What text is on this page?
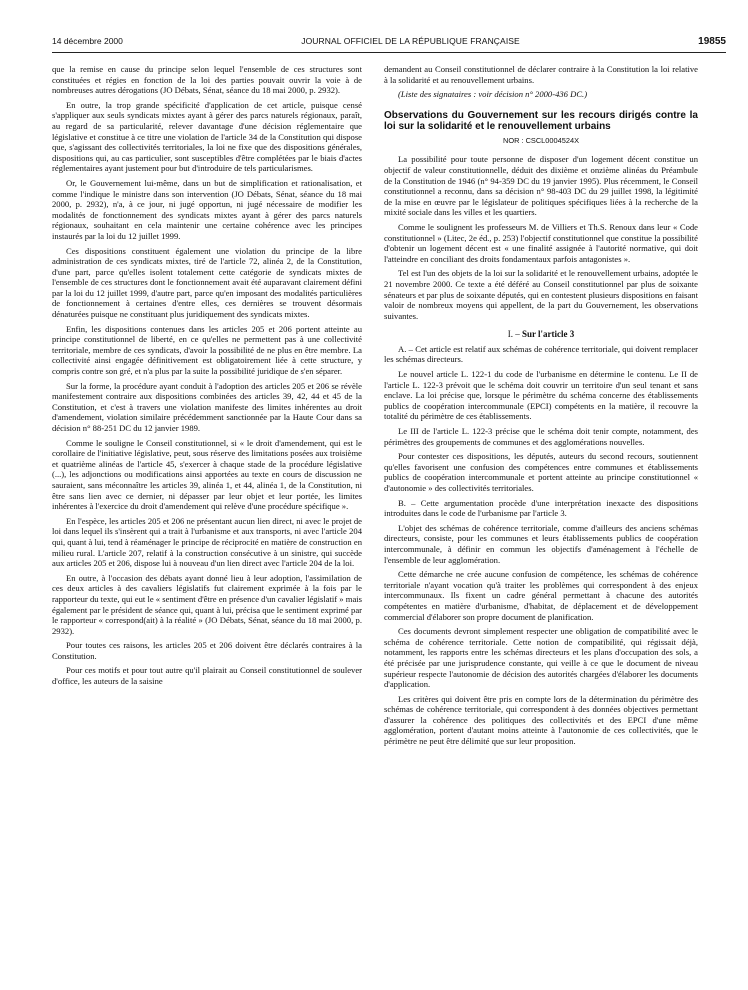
14 décembre 2000	JOURNAL OFFICIEL DE LA RÉPUBLIQUE FRANÇAISE	19855

que la remise en cause du principe selon lequel l'ensemble de ces structures sont constituées et régies en fonction de la loi des parties pouvait ouvrir la voie à de nombreuses autres dérogations (JO Débats, Sénat, séance du 18 mai 2000, p. 2932).

En outre, la trop grande spécificité d'application de cet article, puisque censé s'appliquer aux seuls syndicats mixtes ayant à gérer des parcs naturels régionaux, paraît, au regard de sa particularité, relever davantage d'une décision réglementaire que législative et constitue à ce titre une violation de l'article 34 de la Constitution qui dispose que, s'agissant des collectivités territoriales, la loi ne fixe que des dispositions générales, dispositions qui, au cas particulier, sont susceptibles d'être complétées par le biais d'actes réglementaires ayant justement pour but d'introduire de tels particularismes.

Or, le Gouvernement lui-même, dans un but de simplification et rationalisation, et comme l'indique le ministre dans son intervention (JO Débats, Sénat, séance du 18 mai 2000, p. 2932), n'a, à ce jour, ni jugé opportun, ni jugé nécessaire de modifier les modalités de fonctionnement des syndicats mixtes ayant à gérer des parcs naturels régionaux, souhaitant en cela maintenir une certaine cohérence avec les principes instaurés par la loi du 12 juillet 1999.

Ces dispositions constituent également une violation du principe de la libre administration de ces syndicats mixtes, tiré de l'article 72, alinéa 2, de la Constitution, d'une part, parce qu'elles isolent totalement cette catégorie de syndicats mixtes de l'ensemble de ces structures dont le fonctionnement avait été auparavant clairement défini par la loi du 12 juillet 1999, d'autre part, parce qu'en imposant des modalités particulières de fonctionnement à certaines d'entre elles, ces dernières se trouvent désormais dénaturées puisque ne constituant plus juridiquement des syndicats mixtes.

Enfin, les dispositions contenues dans les articles 205 et 206 portent atteinte au principe constitutionnel de liberté, en ce qu'elles ne permettent pas à une collectivité territoriale, membre de ces syndicats, d'avoir la possibilité de ne plus en être membre. La collectivité ainsi engagée définitivement est obligatoirement liée à cette structure, y compris contre son gré, et n'a plus par la suite la possibilité juridique de s'en séparer.

Sur la forme, la procédure ayant conduit à l'adoption des articles 205 et 206 se révèle manifestement contraire aux dispositions combinées des articles 39, 42, 44 et 45 de la Constitution, et c'est à travers une violation manifeste des limites inhérentes au droit d'amendement, violation similaire précédemment sanctionnée par la Haute Cour dans sa décision n° 88-251 DC du 12 janvier 1989.

Comme le souligne le Conseil constitutionnel, si « le droit d'amendement, qui est le corollaire de l'initiative législative, peut, sous réserve des limitations posées aux troisième et quatrième alinéas de l'article 45, s'exercer à chaque stade de la procédure législative (...), les adjonctions ou modifications ainsi apportées au texte en cours de discussion ne sauraient, sans méconnaître les articles 39, alinéa 1, et 44, alinéa 1, de la Constitution, ni être sans lien avec ce dernier, ni dépasser par leur objet et leur portée, les limites inhérentes à l'exercice du droit d'amendement qui relève d'une procédure spécifique ».

En l'espèce, les articles 205 et 206 ne présentant aucun lien direct, ni avec le projet de loi dans lequel ils s'insèrent qui a trait à l'urbanisme et aux transports, ni avec l'article 204 qui, quant à lui, tend à réaménager le principe de réciprocité en matière de construction en milieu rural. L'article 207, relatif à la construction consécutive à un sinistre, qui succède aux articles 205 et 206, dispose lui à nouveau d'un lien direct avec l'article 204 de la loi.

En outre, à l'occasion des débats ayant donné lieu à leur adoption, l'assimilation de ces deux articles à des cavaliers législatifs fut clairement exprimée à la fois par le rapporteur du texte, qui eut le « sentiment d'être en présence d'un cavalier législatif » mais également par le président de séance qui, quant à lui, précisa que le sentiment exprimé par le rapporteur « correspond(ait) à la réalité » (JO Débats, Sénat, séance du 18 mai 2000, p. 2932).

Pour toutes ces raisons, les articles 205 et 206 doivent être déclarés contraires à la Constitution.

Pour ces motifs et pour tout autre qu'il plairait au Conseil constitutionnel de soulever d'office, les auteurs de la saisine

demandent au Conseil constitutionnel de déclarer contraire à la Constitution la loi relative à la solidarité et au renouvellement urbains.

(Liste des signataires : voir décision n° 2000-436 DC.)

Observations du Gouvernement sur les recours dirigés contre la loi sur la solidarité et le renouvellement urbains
NOR : CSCL0004524X

La possibilité pour toute personne de disposer d'un logement décent constitue un objectif de valeur constitutionnelle, déduit des dixième et onzième alinéas du Préambule de la Constitution de 1946 (n° 94-359 DC du 19 janvier 1995). Plus récemment, le Conseil constitutionnel a reconnu, dans sa décision n° 98-403 DC du 29 juillet 1998, la légitimité de la mise en œuvre par le législateur de politiques spécifiques liées à la recherche de la mixité sociale dans les villes et les quartiers.

Comme le soulignent les professeurs M. de Villiers et Th.S. Renoux dans leur « Code constitutionnel » (Litec, 2e éd., p. 253) l'objectif constitutionnel que constitue la possibilité d'obtenir un logement décent est « une finalité assignée à l'autorité normative, qui doit l'atteindre en conciliant des droits fondamentaux parfois antagonistes ».

Tel est l'un des objets de la loi sur la solidarité et le renouvellement urbains, adoptée le 21 novembre 2000. Ce texte a été déféré au Conseil constitutionnel par plus de soixante sénateurs et par plus de soixante députés, qui en contestent plusieurs dispositions en faisant valoir de nombreux moyens qui appellent, de la part du Gouvernement, les observations suivantes.

I. – Sur l'article 3

A. – Cet article est relatif aux schémas de cohérence territoriale, qui doivent remplacer les schémas directeurs.

Le nouvel article L. 122-1 du code de l'urbanisme en détermine le contenu. Le II de l'article L. 122-3 prévoit que le schéma doit couvrir un territoire d'un seul tenant et sans enclave. La loi précise que, lorsque le périmètre du schéma concerne des établissements publics de coopération intercommunale (EPCI) compétents en la matière, il recouvre la totalité du périmètre de ces établissements.

Le III de l'article L. 122-3 précise que le schéma doit tenir compte, notamment, des périmètres des groupements de communes et des agglomérations nouvelles.

Pour contester ces dispositions, les députés, auteurs du second recours, soutiennent qu'elles favorisent une confusion des compétences entre communes et établissements publics de coopération intercommunale et portent atteinte au principe constitutionnel « d'autonomie » des collectivités territoriales.

B. – Cette argumentation procède d'une interprétation inexacte des dispositions introduites dans le code de l'urbanisme par l'article 3.

L'objet des schémas de cohérence territoriale, comme d'ailleurs des anciens schémas directeurs, consiste, pour les communes et leurs établissements publics de coopération intercommunale, à définir en commun les objectifs d'aménagement à l'échelle de l'ensemble de leur agglomération.

Cette démarche ne crée aucune confusion de compétence, les schémas de cohérence territoriale n'ayant vocation qu'à traiter les problèmes qui correspondent à des enjeux intercommunaux. Ils fixent un cadre général permettant à chacune des autorités compétentes en matière d'urbanisme, d'habitat, de déplacement et de développement commercial d'élaborer son propre document de planification.

Ces documents devront simplement respecter une obligation de compatibilité avec le schéma de cohérence territoriale. Cette notion de compatibilité, qui régissait déjà, notamment, les rapports entre les schémas directeurs et les plans d'occupation des sols, a été précisée par une jurisprudence constante, qui veille à ce que le document de niveau supérieur respecte l'autonomie de décision des autorités chargées d'élaborer les documents d'application.

Les critères qui doivent être pris en compte lors de la détermination du périmètre des schémas de cohérence territoriale, qui correspondent à des données objectives permettant d'assurer la cohérence des politiques des collectivités et des EPCI d'une même agglomération, portent d'autant moins atteinte à l'autonomie de ces collectivités, que le périmètre ne peut être délimité que sur leur proposition.
